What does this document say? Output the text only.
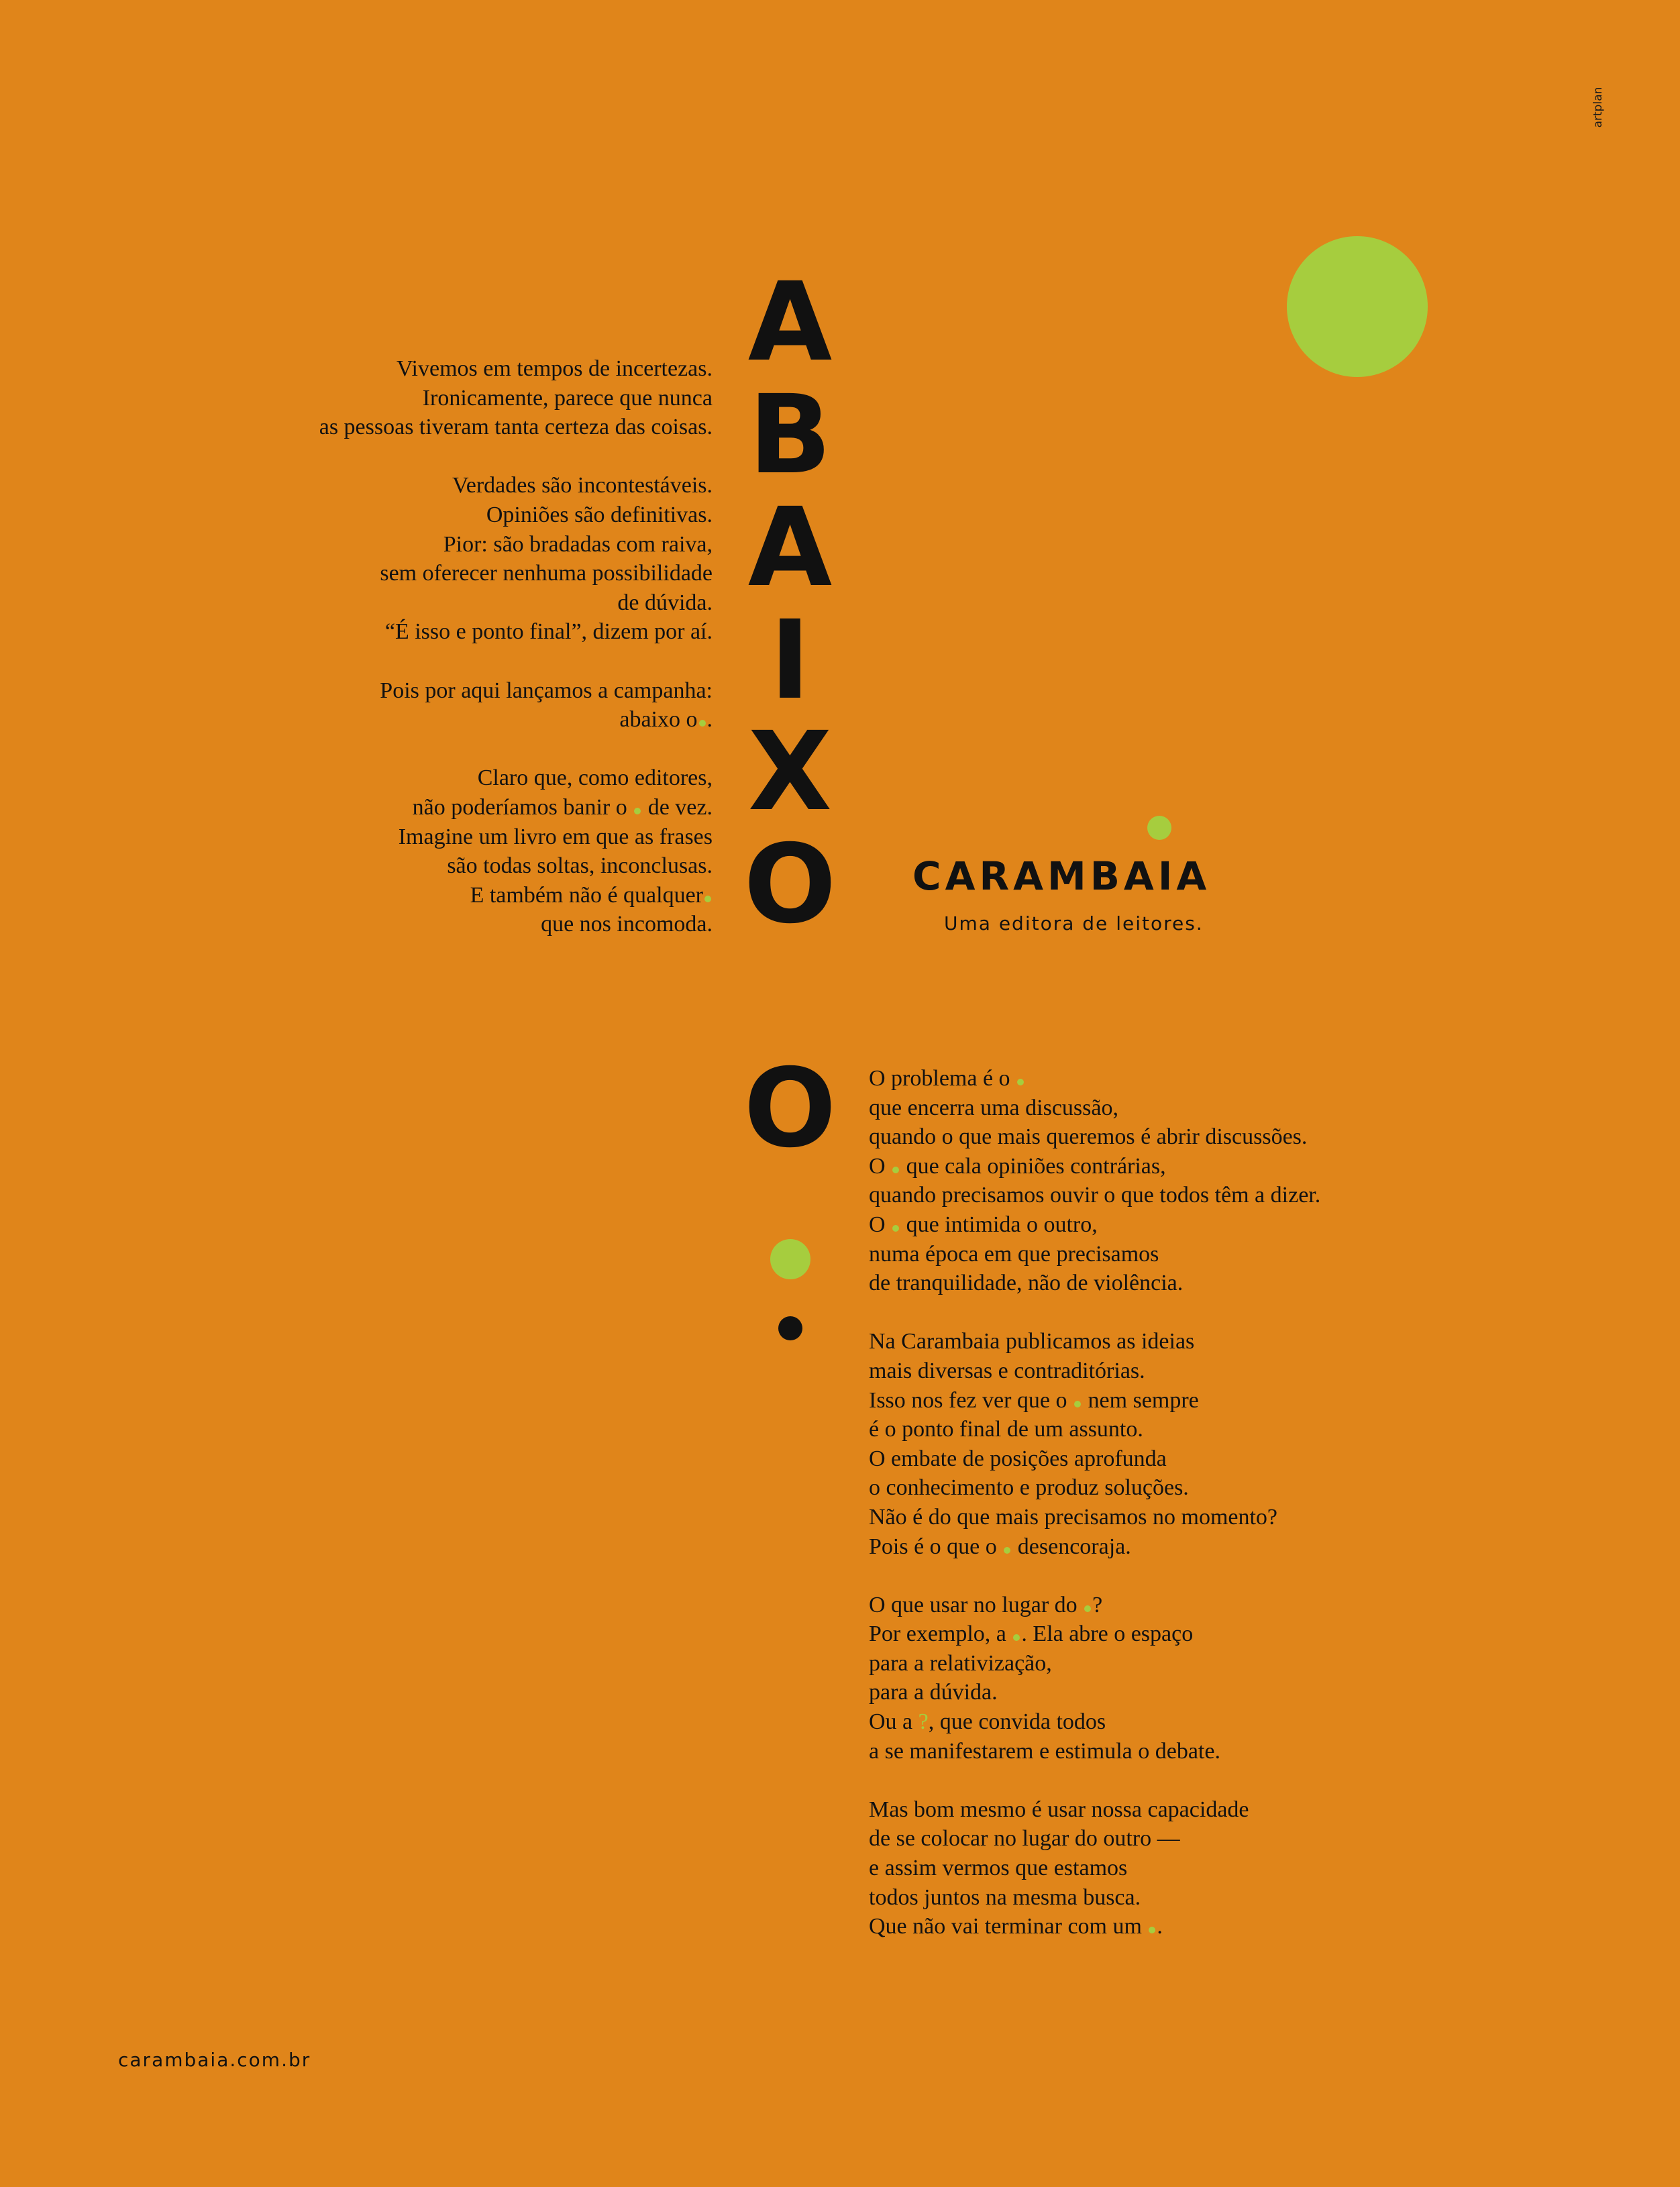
artplan
A
B
A
I
X
O
O

Vivemos em tempos de incertezas.
Ironicamente, parece que nunca
as pessoas tiveram tanta certeza das coisas.

Verdades são incontestáveis.
Opiniões são definitivas.
Pior: são bradadas com raiva,
sem oferecer nenhuma possibilidade
de dúvida.
“É isso e ponto final”, dizem por aí.

Pois por aqui lançamos a campanha:
abaixo o .

Claro que, como editores,
não poderíamos banir o de vez.
Imagine um livro em que as frases
são todas soltas, inconclusas.
E também não é qualquer
que nos incomoda.

CARAMBAIA
Uma editora de leitores.

O problema é o
que encerra uma discussão,
quando o que mais queremos é abrir discussões.
O que cala opiniões contrárias,
quando precisamos ouvir o que todos têm a dizer.
O que intimida o outro,
numa época em que precisamos
de tranquilidade, não de violência.

Na Carambaia publicamos as ideias
mais diversas e contraditórias.
Isso nos fez ver que o nem sempre
é o ponto final de um assunto.
O embate de posições aprofunda
o conhecimento e produz soluções.
Não é do que mais precisamos no momento?
Pois é o que o desencoraja.

O que usar no lugar do ?
Por exemplo, a . Ela abre o espaço
para a relativização,
para a dúvida.
Ou a ?, que convida todos
a se manifestarem e estimula o debate.

Mas bom mesmo é usar nossa capacidade
de se colocar no lugar do outro —
e assim vermos que estamos
todos juntos na mesma busca.
Que não vai terminar com um .

carambaia.com.br
